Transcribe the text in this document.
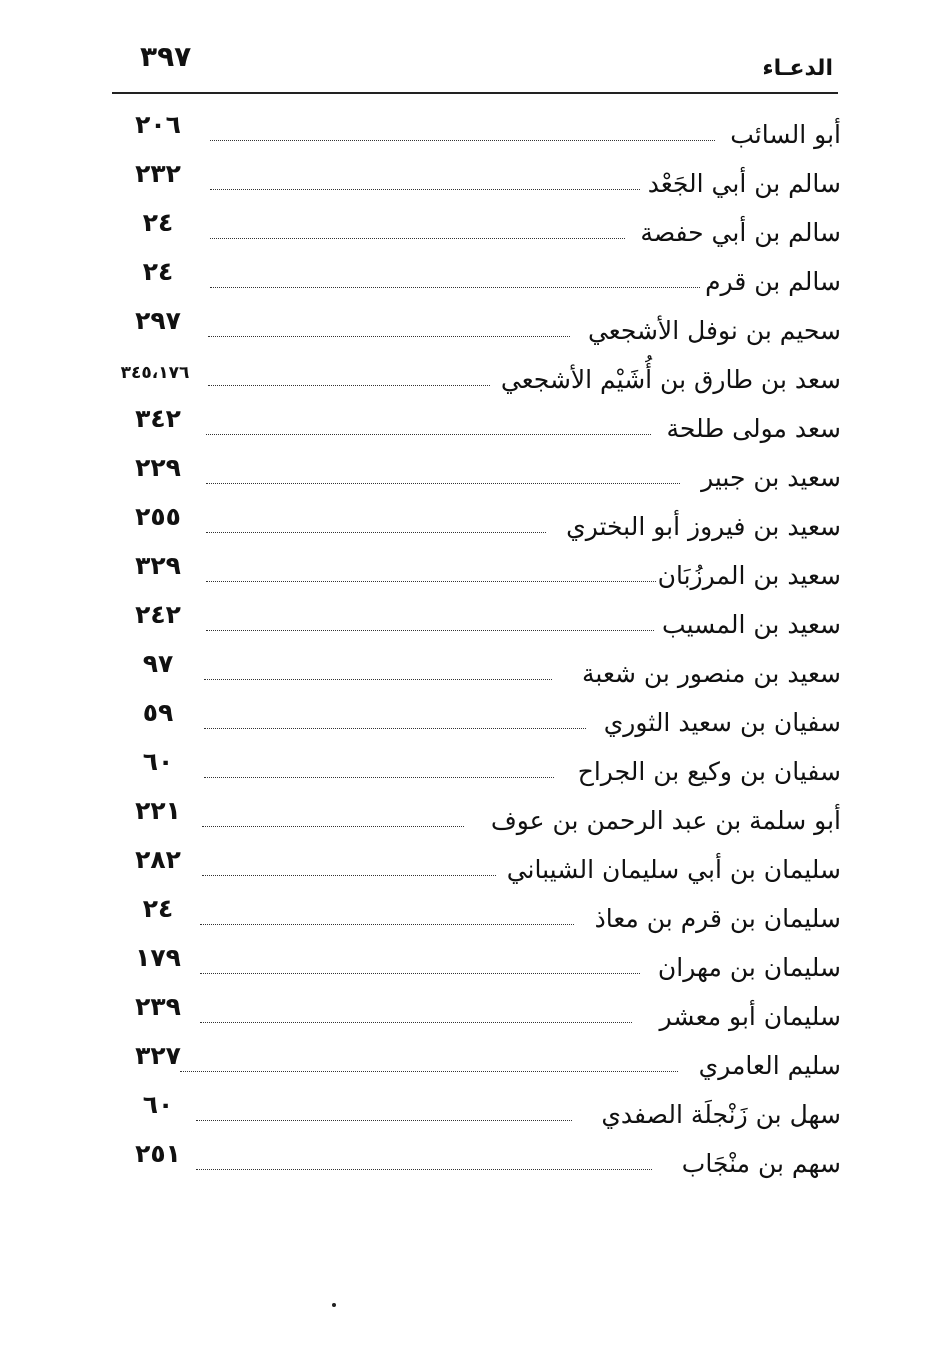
الدعـاء
٣٩٧
أبو السائب
٢٠٦
سالم بن أبي الجَعْد
٢٣٢
سالم بن أبي حفصة
٢٤
سالم بن قرم
٢٤
سحيم بن نوفل الأشجعي
٢٩٧
سعد بن طارق بن أُشَيْم الأشجعي
٣٤٥،١٧٦
سعد مولى طلحة
٣٤٢
سعيد بن جبير
٢٢٩
سعيد بن فيروز أبو البختري
٢٥٥
سعيد بن المرزُبَان
٣٢٩
سعيد بن المسيب
٢٤٢
سعيد بن منصور بن شعبة
٩٧
سفيان بن سعيد الثوري
٥٩
سفيان بن وكيع بن الجراح
٦٠
أبو سلمة بن عبد الرحمن بن عوف
٢٢١
سليمان بن أبي سليمان الشيباني
٢٨٢
سليمان بن قرم بن معاذ
٢٤
سليمان بن مهران
١٧٩
سليمان أبو معشر
٢٣٩
سليم العامري
٣٢٧
سهل بن زَنْجلَة الصفدي
٦٠
سهم بن منْجَاب
٢٥١
